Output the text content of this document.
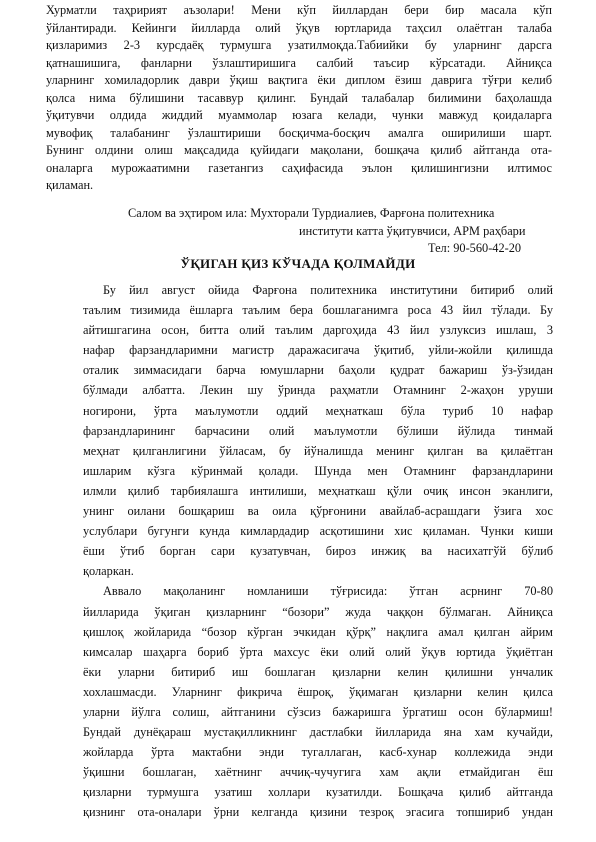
Хурматли таҳририят аъзолари! Мени кўп йиллардан бери бир масала кўп
ўйлантиради. Кейинги йилларда олий ўқув юртларида таҳсил олаётган талаба
қизларимиз 2-3 курсдаёқ турмушга узатилмоқда.Табиийки бу уларнинг дарсга
қатнашишига, фанларни ўзлаштиришига салбий таъсир кўрсатади. Айниқса
уларнинг хомиладорлик даври ўқиш вақтига ёки диплом ёзиш даврига тўғри келиб
қолса нима бўлишини тасаввур қилинг. Бундай талабалар билимини баҳолашда
ўқитувчи олдида жиддий муаммолар юзага келади, чунки мавжуд қоидаларга
мувофиқ талабанинг ўзлаштириши босқичма-босқич амалга оширилиши шарт.
Бунинг олдини олиш мақсадида қуйидаги мақолани, бошқача қилиб айтганда ота-
оналарга мурожаатимни газетангиз саҳифасида эълон қилишингизни илтимос
қиламан.
Салом ва эҳтиром ила: Мухторали Турдиалиев, Фарғона политехника
институти катта ўқитувчиси, АРМ раҳбари
Тел: 90-560-42-20
ЎҚИГАН ҚИЗ КЎЧАДА ҚОЛМАЙДИ
Бу йил август ойида Фарғона политехника институтини битириб олий
таълим тизимида ёшларга таълим бера бошлаганимга роса 43 йил тўлади. Бу
айтишгагина осон, битта олий таълим даргоҳида 43 йил узлуксиз ишлаш, 3
нафар фарзандларимни магистр даражасигача ўқитиб, уйли-жойли қилишда
оталик зиммасидаги барча юмушларни баҳоли қудрат бажариш ўз-ўзидан
бўлмади албатта. Лекин шу ўринда раҳматли Отамнинг 2-жаҳон уруши
ногирони, ўрта маълумотли оддий меҳнаткаш бўла туриб 10 нафар
фарзандларининг барчасини олий маълумотли бўлиши йўлида тинмай
меҳнат қилганлигини ўйласам, бу йўналишда менинг қилган ва қилаётган
ишларим кўзга кўринмай қолади. Шунда мен Отамнинг фарзандларини
илмли қилиб тарбиялашга интилиши, меҳнаткаш қўли очиқ инсон эканлиги,
унинг оилани бошқариш ва оила қўрғонини авайлаб-асрашдаги ўзига хос
услублари бугунги кунда кимлардадир асқотишини хис қиламан. Чунки киши
ёши ўтиб борган сари кузатувчан, бироз инжиқ ва насихатгўй бўлиб
қоларкан.
Аввало мақоланинг номланиши тўғрисида: ўтган асрнинг 70-80
йилларида ўқиган қизларнинг “бозори” жуда чаққон бўлмаган. Айниқса
қишлоқ жойларида “бозор кўрган эчкидан қўрқ” нақлига амал қилган айрим
кимсалар шаҳарга бориб ўрта махсус ёки олий олий ўқув юртида ўқиётган
ёки уларни битириб иш бошлаган қизларни келин қилишни унчалик
хохлашмасди. Уларнинг фикрича ёшроқ, ўқимаган қизларни келин қилса
уларни йўлга солиш, айтганини сўзсиз бажаришга ўргатиш осон бўлармиш!
Бундай дунёқараш мустақилликнинг дастлабки йилларида яна хам кучайди,
жойларда ўрта мактабни энди тугаллаган, касб-хунар коллежида энди
ўқишни бошлаган, хаётнинг аччиқ-чучугига хам ақли етмайдиган ёш
қизларни турмушга узатиш холлари кузатилди. Бошқача қилиб айтганда
қизнинг ота-оналари ўрни келганда қизини тезроқ эгасига топшириб ундан
